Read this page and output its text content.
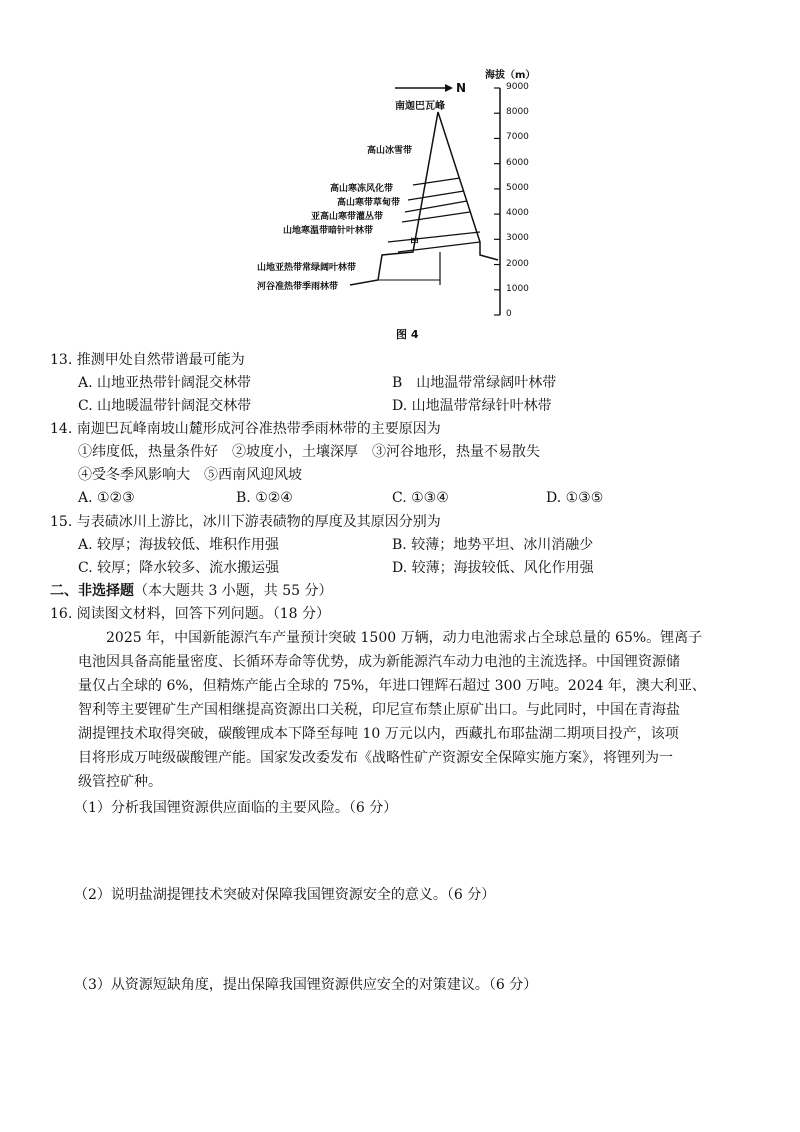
海拔（m）
N
南迦巴瓦峰
高山冰雪带
高山寒冻风化带
高山寒带草甸带
亚高山寒带灌丛带
山地寒温带暗针叶林带
山地亚热带常绿阔叶林带
河谷准热带季雨林带
甲
9000
8000
7000
6000
5000
4000
3000
2000
1000
0
图 4
13. 推测甲处自然带谱最可能为
A. 山地亚热带针阔混交林带	B　山地温带常绿阔叶林带
C. 山地暖温带针阔混交林带	D. 山地温带常绿针叶林带
14. 南迦巴瓦峰南坡山麓形成河谷准热带季雨林带的主要原因为
①纬度低，热量条件好　②坡度小，土壤深厚　③河谷地形，热量不易散失
④受冬季风影响大　⑤西南风迎风坡
A. ①②③	B. ①②④	C. ①③④	D. ①③⑤
15. 与表碛冰川上游比，冰川下游表碛物的厚度及其原因分别为
A. 较厚；海拔较低、堆积作用强	B. 较薄；地势平坦、冰川消融少
C. 较厚；降水较多、流水搬运强	D. 较薄；海拔较低、风化作用强
二、非选择题（本大题共 3 小题，共 55 分）
16. 阅读图文材料，回答下列问题。（18 分）
　　2025 年，中国新能源汽车产量预计突破 1500 万辆，动力电池需求占全球总量的 65%。锂离子
电池因具备高能量密度、长循环寿命等优势，成为新能源汽车动力电池的主流选择。中国锂资源储
量仅占全球的 6%，但精炼产能占全球的 75%，年进口锂辉石超过 300 万吨。2024 年，澳大利亚、
智利等主要锂矿生产国相继提高资源出口关税，印尼宣布禁止原矿出口。与此同时，中国在青海盐
湖提锂技术取得突破，碳酸锂成本下降至每吨 10 万元以内，西藏扎布耶盐湖二期项目投产，该项
目将形成万吨级碳酸锂产能。国家发改委发布《战略性矿产资源安全保障实施方案》，将锂列为一
级管控矿种。
（1）分析我国锂资源供应面临的主要风险。（6 分）
（2）说明盐湖提锂技术突破对保障我国锂资源安全的意义。（6 分）
（3）从资源短缺角度，提出保障我国锂资源供应安全的对策建议。（6 分）
